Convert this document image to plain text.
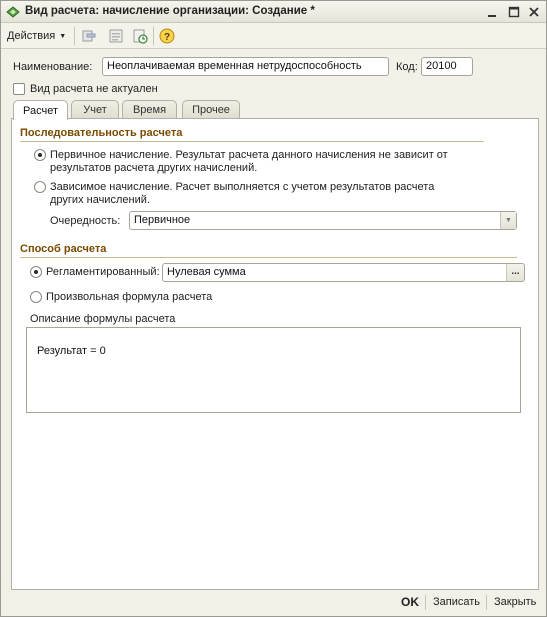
Вид расчета: начисление организации: Создание *
Действия ▼	?
Наименование:	Неоплачиваемая временная нетрудоспособность	Код: 20100
Вид расчета не актуален
Расчет Учет Время Прочее
Последовательность расчета
Первичное начисление. Результат расчета данного начисления не зависит от
результатов расчета других начислений.
Зависимое начисление. Расчет выполняется с учетом результатов расчета
других начислений.
Очередность: Первичное	▼
Способ расчета
Регламентированный: Нулевая сумма	...
Произвольная формула расчета
Описание формулы расчета
Результат = 0
OK Записать Закрыть
